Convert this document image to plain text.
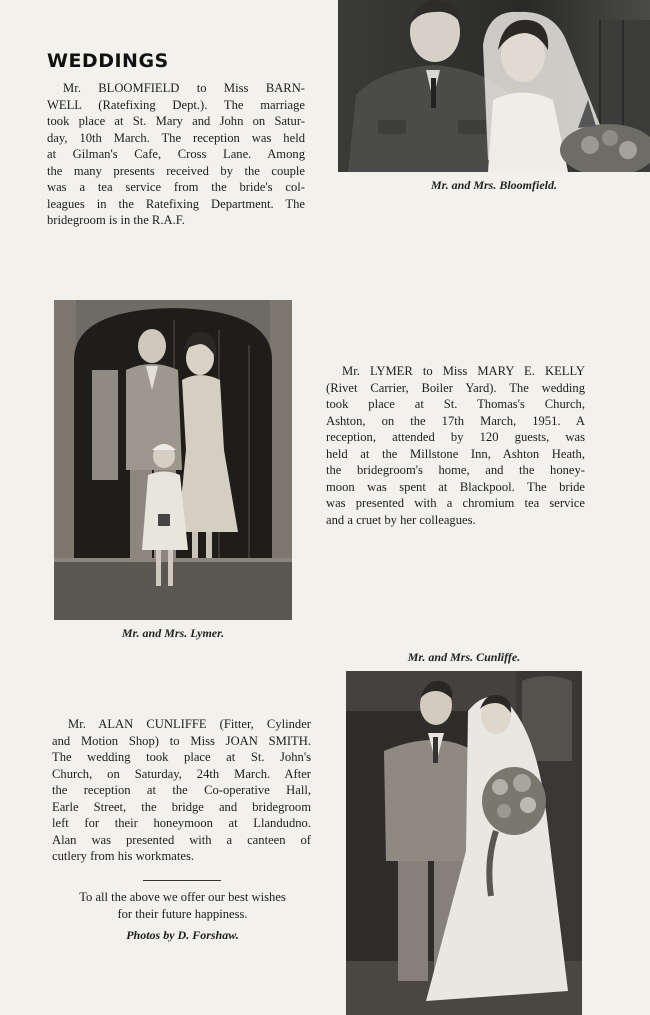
WEDDINGS

Mr. BLOOMFIELD to Miss BARN-
WELL (Ratefixing Dept.). The marriage
took place at St. Mary and John on Satur-
day, 10th March. The reception was held
at Gilman's Cafe, Cross Lane. Among
the many presents received by the couple
was a tea service from the bride's col-
leagues in the Ratefixing Department. The
bridegroom is in the R.A.F.

Mr. and Mrs. Bloomfield.

Mr. and Mrs. Lymer.

Mr. LYMER to Miss MARY E. KELLY
(Rivet Carrier, Boiler Yard). The wedding
took place at St. Thomas's Church,
Ashton, on the 17th March, 1951. A
reception, attended by 120 guests, was
held at the Millstone Inn, Ashton Heath,
the bridegroom's home, and the honey-
moon was spent at Blackpool. The bride
was presented with a chromium tea service
and a cruet by her colleagues.

Mr. and Mrs. Cunliffe.

Mr. ALAN CUNLIFFE (Fitter, Cylinder
and Motion Shop) to Miss JOAN SMITH.
The wedding took place at St. John's
Church, on Saturday, 24th March. After
the reception at the Co-operative Hall,
Earle Street, the bridge and bridegroom
left for their honeymoon at Llandudno.
Alan was presented with a canteen of
cutlery from his workmates.

To all the above we offer our best wishes
for their future happiness.

Photos by D. Forshaw.
